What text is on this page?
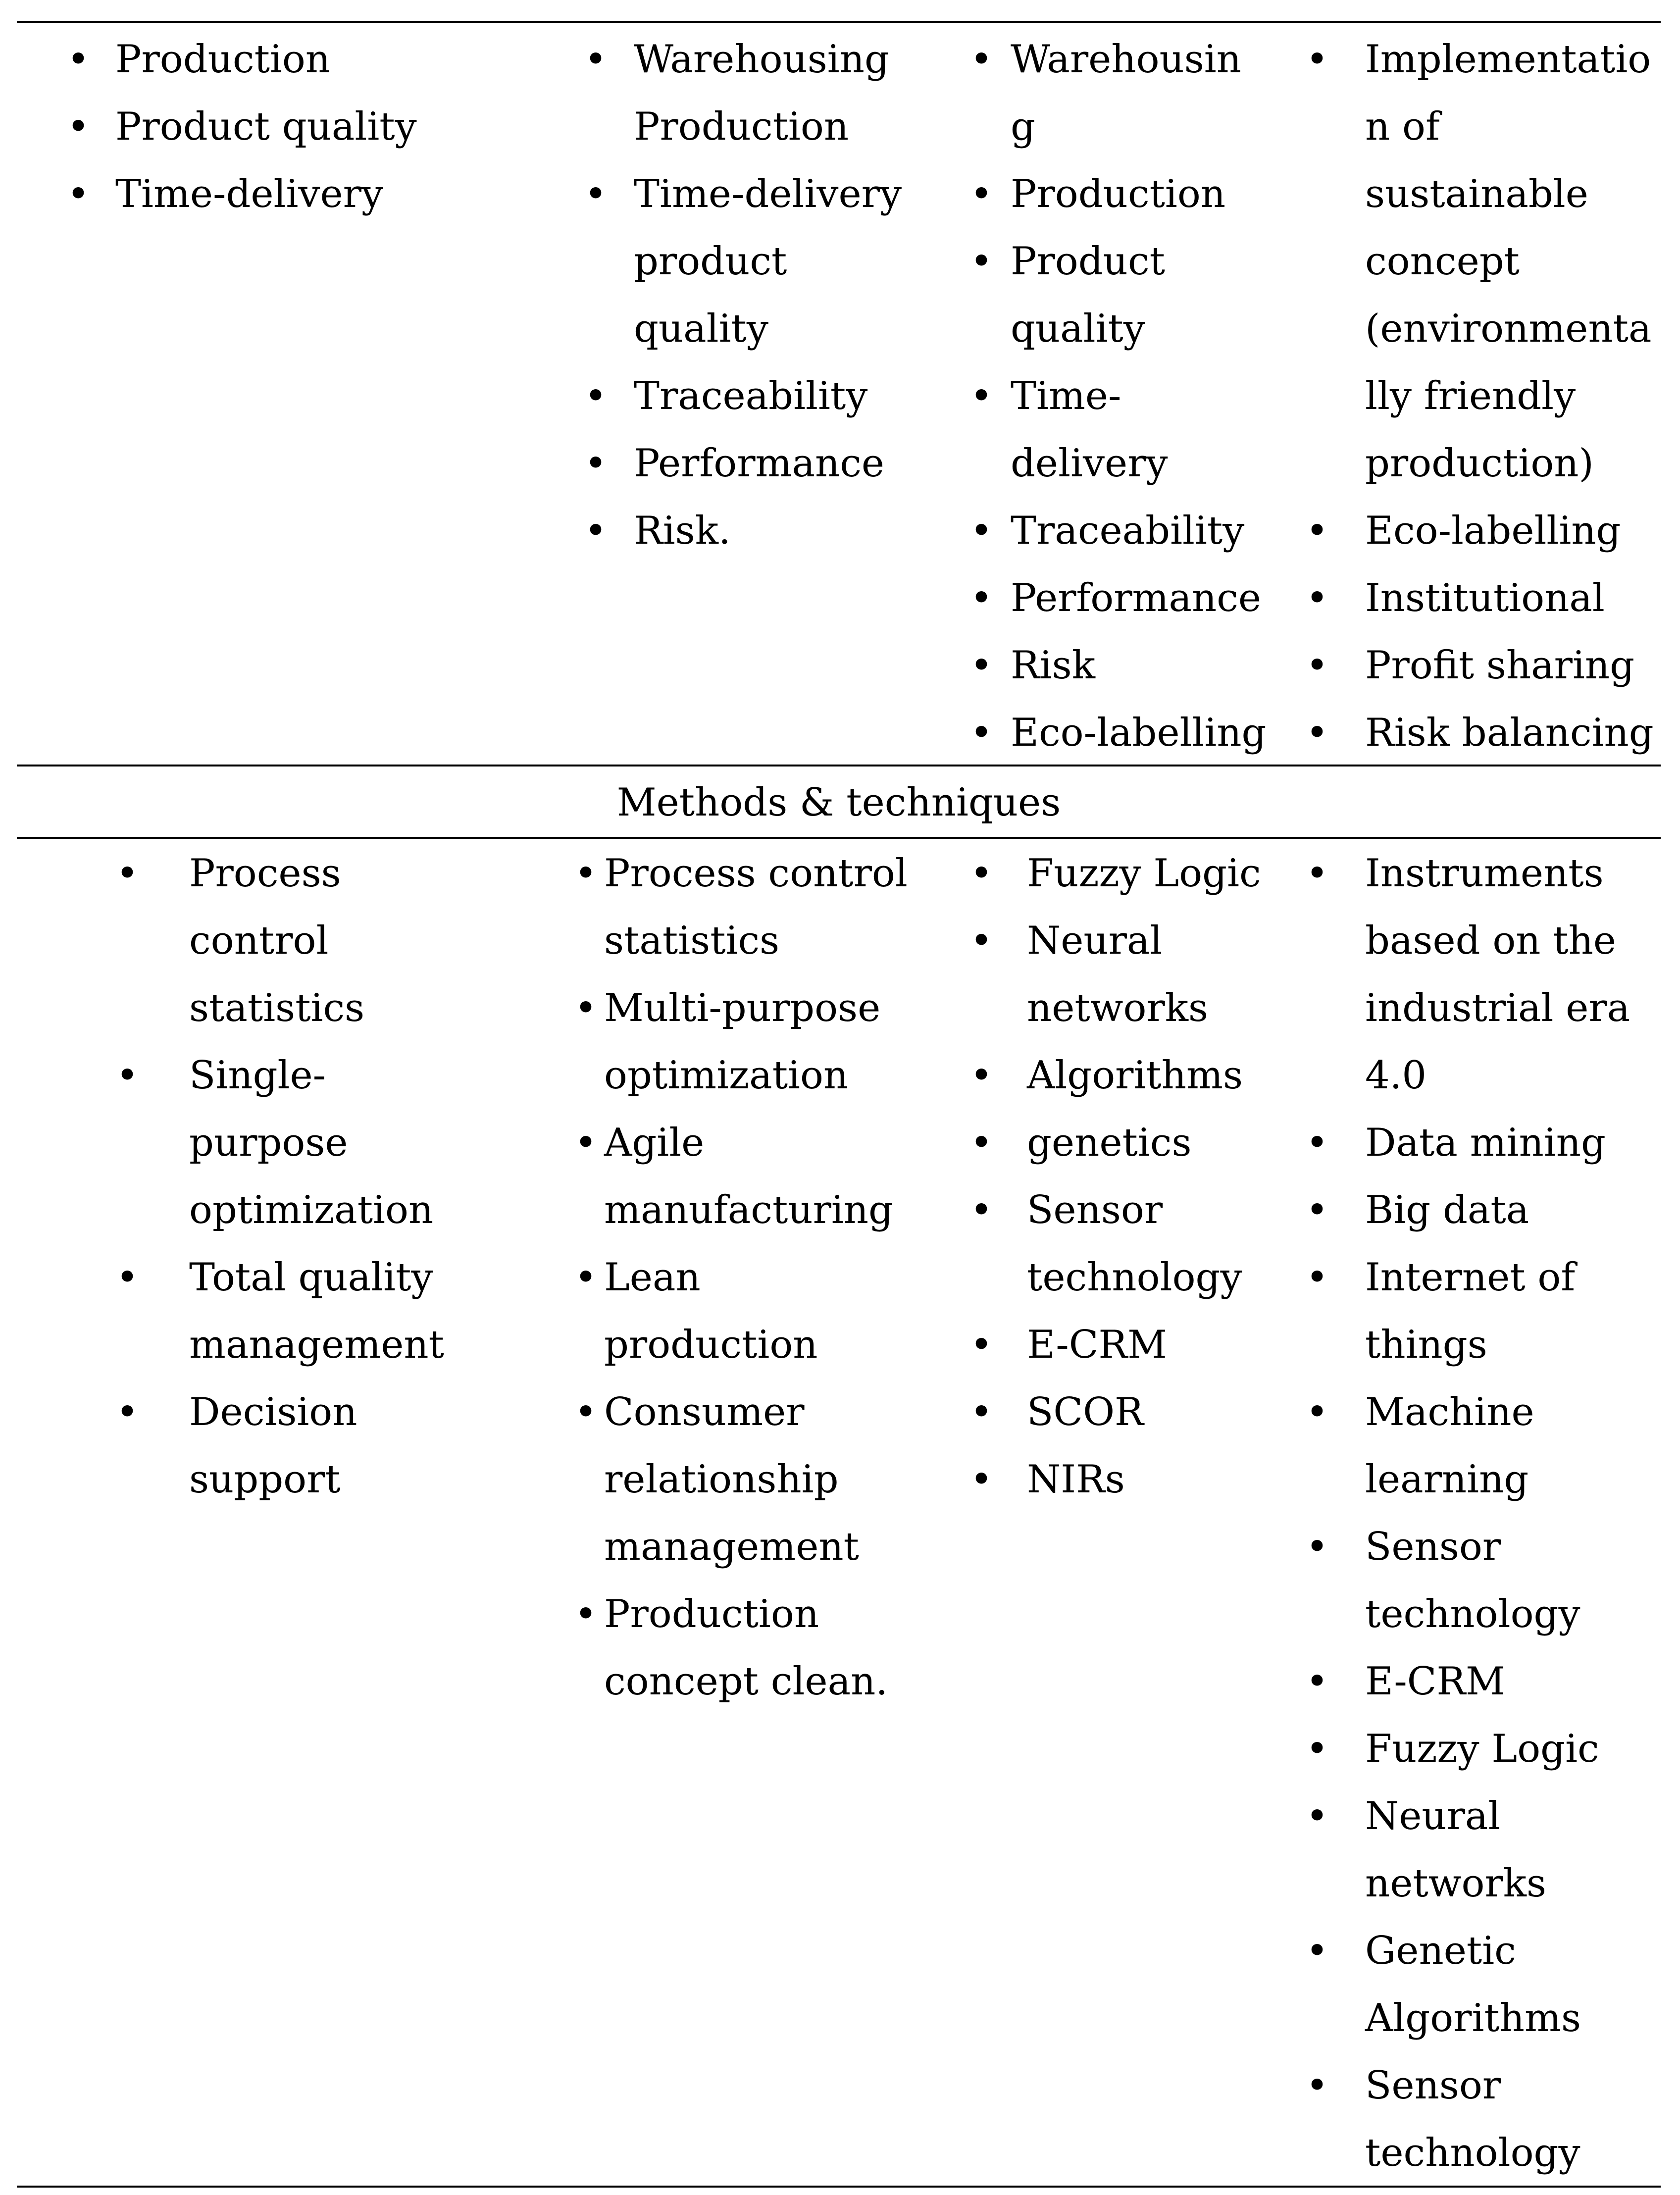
• Production
• Product quality
• Time-delivery
• Warehousing
Production
• Time-delivery
product
quality
• Traceability
• Performance
• Risk.
• Warehousin
g
• Production
• Product
quality
• Time-
delivery
• Traceability
• Performance
• Risk
• Eco-labelling
• Implementatio
n of
sustainable
concept
(environmenta
lly friendly
production)
• Eco-labelling
• Institutional
• Profit sharing
• Risk balancing
Methods & techniques
• Process
control
statistics
• Single-
purpose
optimization
• Total quality
management
• Decision
support
• Process control
statistics
• Multi-purpose
optimization
• Agile
manufacturing
• Lean
production
• Consumer
relationship
management
• Production
concept clean.
• Fuzzy Logic
• Neural
networks
• Algorithms
• genetics
• Sensor
technology
• E-CRM
• SCOR
• NIRs
• Instruments
based on the
industrial era
4.0
• Data mining
• Big data
• Internet of
things
• Machine
learning
• Sensor
technology
• E-CRM
• Fuzzy Logic
• Neural
networks
• Genetic
Algorithms
• Sensor
technology
